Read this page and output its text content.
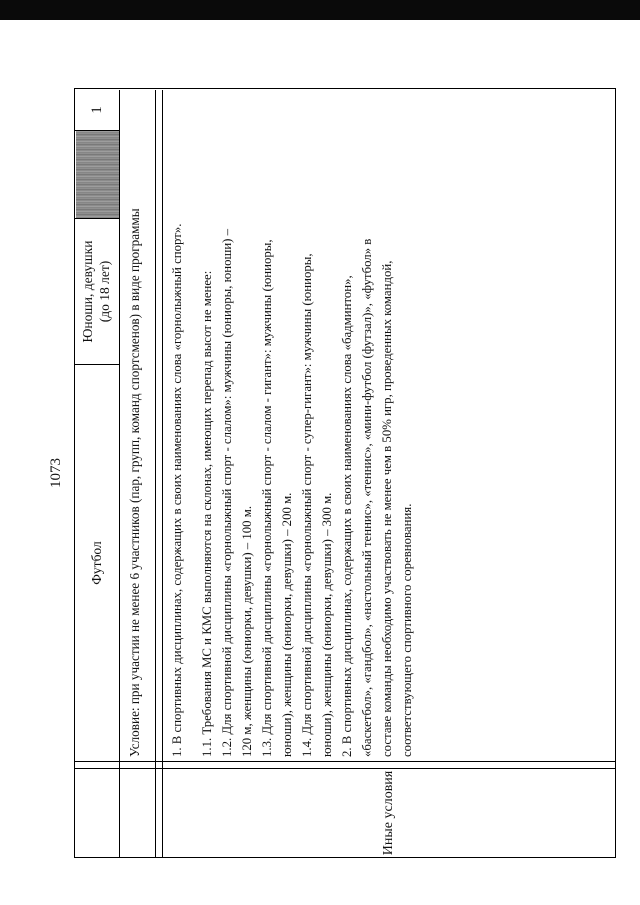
1073
Футбол
Юноши, девушки (до 18 лет)
1
Условие: при участии не менее 6 участников (пар, групп, команд спортсменов) в виде программы
Иные условия

1. В спортивных дисциплинах, содержащих в своих наименованиях слова «горнолыжный спорт». 1.1. Требования МС и КМС выполняются на склонах, имеющих перепад высот не менее: 1.2. Для спортивной дисциплины «горнолыжный спорт - слалом»: мужчины (юниоры, юноши) – 120 м, женщины (юниорки, девушки) – 100 м. 1.3. Для спортивной дисциплины «горнолыжный спорт - слалом - гигант»: мужчины (юниоры, юноши), женщины (юниорки, девушки) – 200 м. 1.4. Для спортивной дисциплины «горнолыжный спорт - супер-гигант»: мужчины (юниоры, юноши), женщины (юниорки, девушки) – 300 м. 2. В спортивных дисциплинах, содержащих в своих наименованиях слова «бадминтон», «баскетбол», «гандбол», «настольный теннис», «теннис», «мини-футбол (футзал)», «футбол» в составе команды необходимо участвовать не менее чем в 50% игр, проведенных командой, соответствующего спортивного соревнования.
